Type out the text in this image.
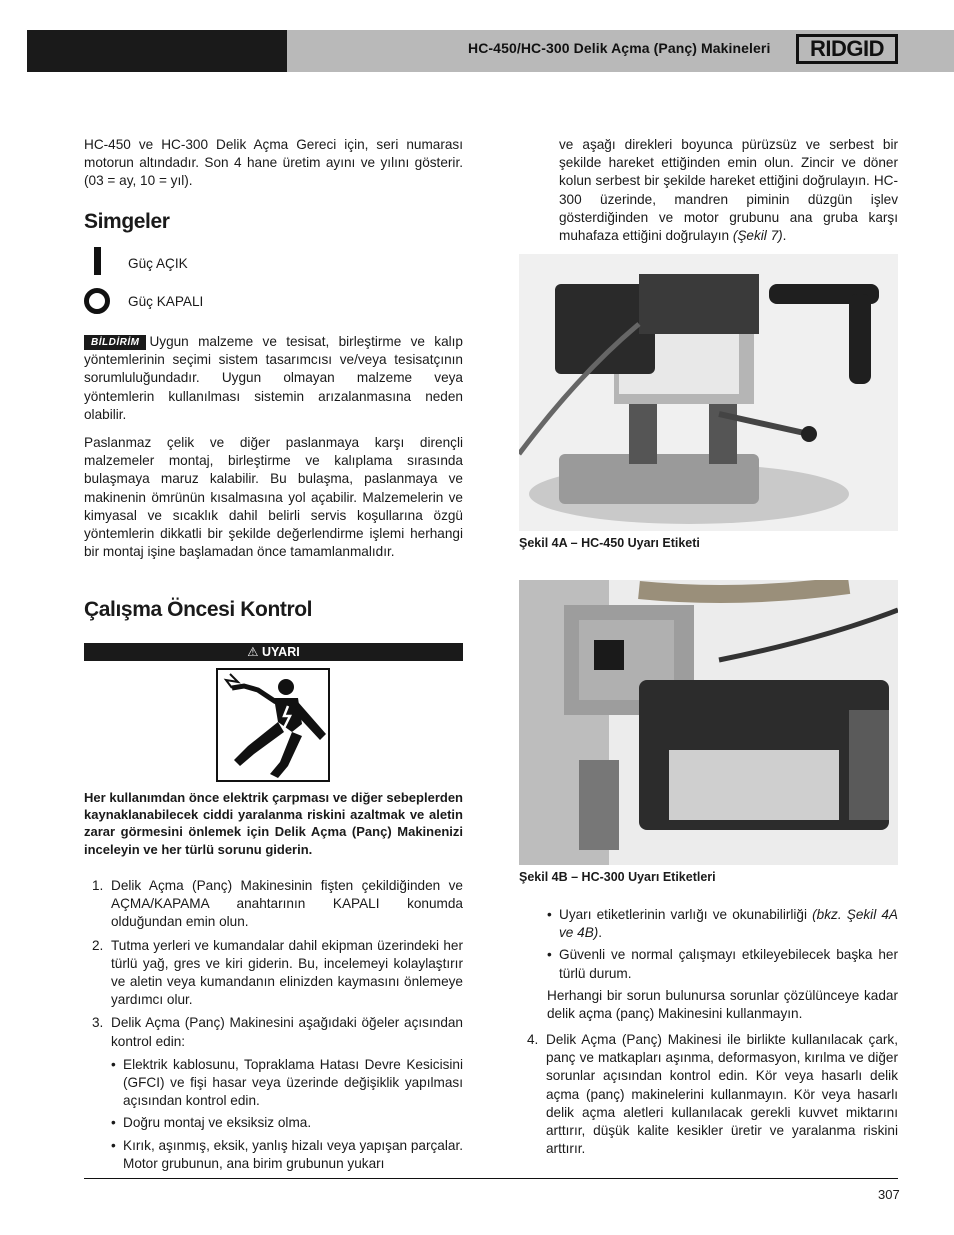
HC-450/HC-300 Delik Açma (Panç) Makineleri	RIDGID

HC-450 ve HC-300 Delik Açma Gereci için, seri numarası motorun altındadır. Son 4 hane üretim ayını ve yılını gösterir. (03 = ay, 10 = yıl).

Simgeler
Güç AÇIK
Güç KAPALI

BİLDİRİM Uygun malzeme ve tesisat, birleştirme ve kalıp yöntemlerinin seçimi sistem tasarımcısı ve/veya tesisatçının sorumluluğundadır. Uygun olmayan malzeme veya yöntemlerin kullanılması sistemin arızalanmasına neden olabilir.

Paslanmaz çelik ve diğer paslanmaya karşı dirençli malzemeler montaj, birleştirme ve kalıplama sırasında bulaşmaya maruz kalabilir. Bu bulaşma, paslanmaya ve makinenin ömrünün kısalmasına yol açabilir. Malzemelerin ve kimyasal ve sıcaklık dahil belirli servis koşullarına özgü yöntemlerin dikkatli bir şekilde değerlendirme işlemi herhangi bir montaj işine başlamadan önce tamamlanmalıdır.

Çalışma Öncesi Kontrol
⚠ UYARI

Her kullanımdan önce elektrik çarpması ve diğer sebeplerden kaynaklanabilecek ciddi yaralanma riskini azaltmak ve aletin zarar görmesini önlemek için Delik Açma (Panç) Makinenizi inceleyin ve her türlü sorunu giderin.

1. Delik Açma (Panç) Makinesinin fişten çekildiğinden ve AÇMA/KAPAMA anahtarının KAPALI konumda olduğundan emin olun.
2. Tutma yerleri ve kumandalar dahil ekipman üzerindeki her türlü yağ, gres ve kiri giderin. Bu, incelemeyi kolaylaştırır ve aletin veya kumandanın elinizden kaymasını önlemeye yardımcı olur.
3. Delik Açma (Panç) Makinesini aşağıdaki öğeler açısından kontrol edin:
• Elektrik kablosunu, Topraklama Hatası Devre Kesicisini (GFCI) ve fişi hasar veya üzerinde değişiklik yapılması açısından kontrol edin.
• Doğru montaj ve eksiksiz olma.
• Kırık, aşınmış, eksik, yanlış hizalı veya yapışan parçalar. Motor grubunun, ana birim grubunun yukarı

ve aşağı direkleri boyunca pürüzsüz ve serbest bir şekilde hareket ettiğinden emin olun. Zincir ve döner kolun serbest bir şekilde hareket ettiğini doğrulayın. HC-300 üzerinde, mandren piminin düzgün işlev gösterdiğinden ve motor grubunu ana gruba karşı muhafaza ettiğini doğrulayın (Şekil 7).

Şekil 4A – HC-450 Uyarı Etiketi
Şekil 4B – HC-300 Uyarı Etiketleri
• Uyarı etiketlerinin varlığı ve okunabilirliği (bkz. Şekil 4A ve 4B).
• Güvenli ve normal çalışmayı etkileyebilecek başka her türlü durum.

Herhangi bir sorun bulunursa sorunlar çözülünceye kadar delik açma (panç) Makinesini kullanmayın.

4. Delik Açma (Panç) Makinesi ile birlikte kullanılacak çark, panç ve matkapları aşınma, deformasyon, kırılma ve diğer sorunlar açısından kontrol edin. Kör veya hasarlı delik açma (panç) makinelerini kullanmayın. Kör veya hasarlı delik açma aletleri kullanılacak gerekli kuvvet miktarını arttırır, düşük kalite kesikler üretir ve yaralanma riskini arttırır.
307
